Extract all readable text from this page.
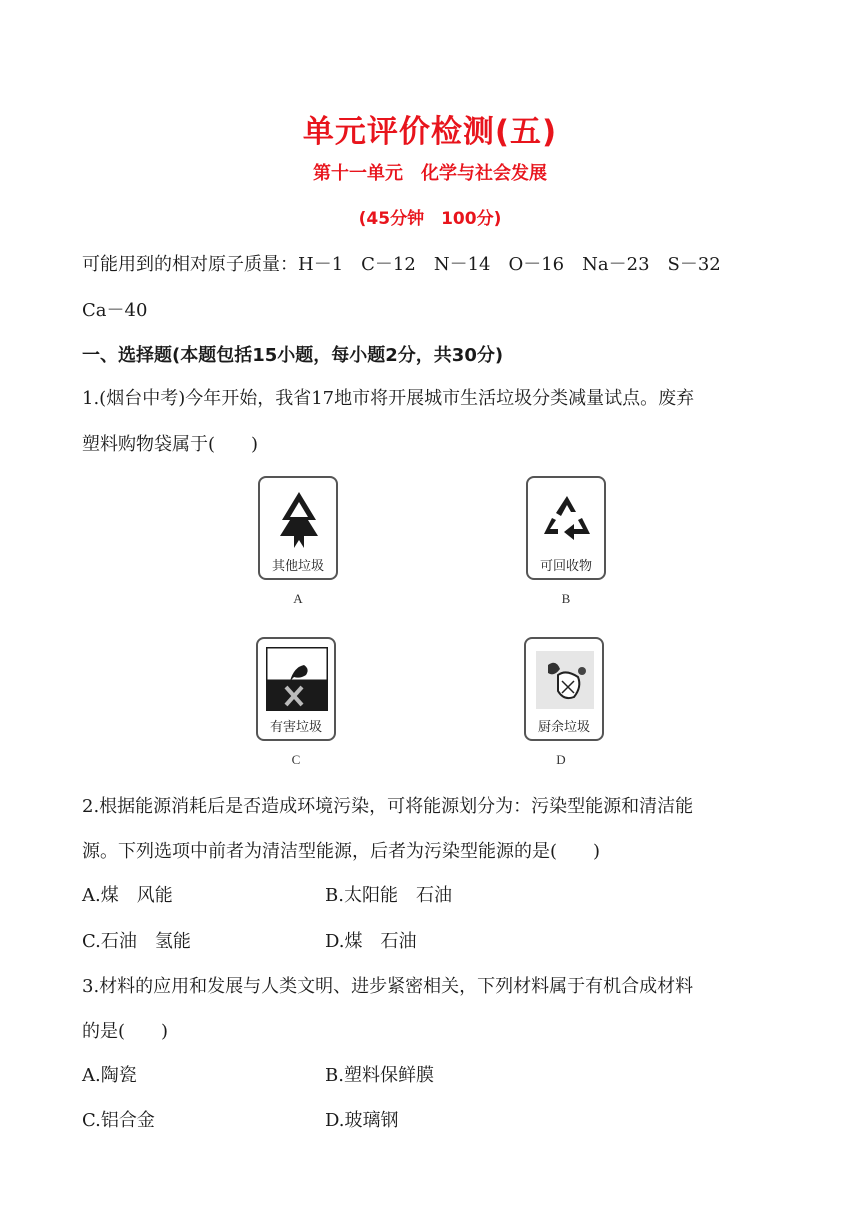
单元评价检测(五)
第十一单元　化学与社会发展
(45分钟　100分)
可能用到的相对原子质量：H－1　C－12　N－14　O－16　Na－23　S－32
Ca－40
一、选择题(本题包括15小题，每小题2分，共30分)
1.(烟台中考)今年开始，我省17地市将开展城市生活垃圾分类减量试点。废弃
塑料购物袋属于(　　)
其他垃圾
A
可回收物
B
有害垃圾
C
厨余垃圾
D
2.根据能源消耗后是否造成环境污染，可将能源划分为：污染型能源和清洁能
源。下列选项中前者为清洁型能源，后者为污染型能源的是(　　)
A.煤　风能	B.太阳能　石油
C.石油　氢能	D.煤　石油
3.材料的应用和发展与人类文明、进步紧密相关，下列材料属于有机合成材料
的是(　　)
A.陶瓷	B.塑料保鲜膜
C.铝合金	D.玻璃钢
